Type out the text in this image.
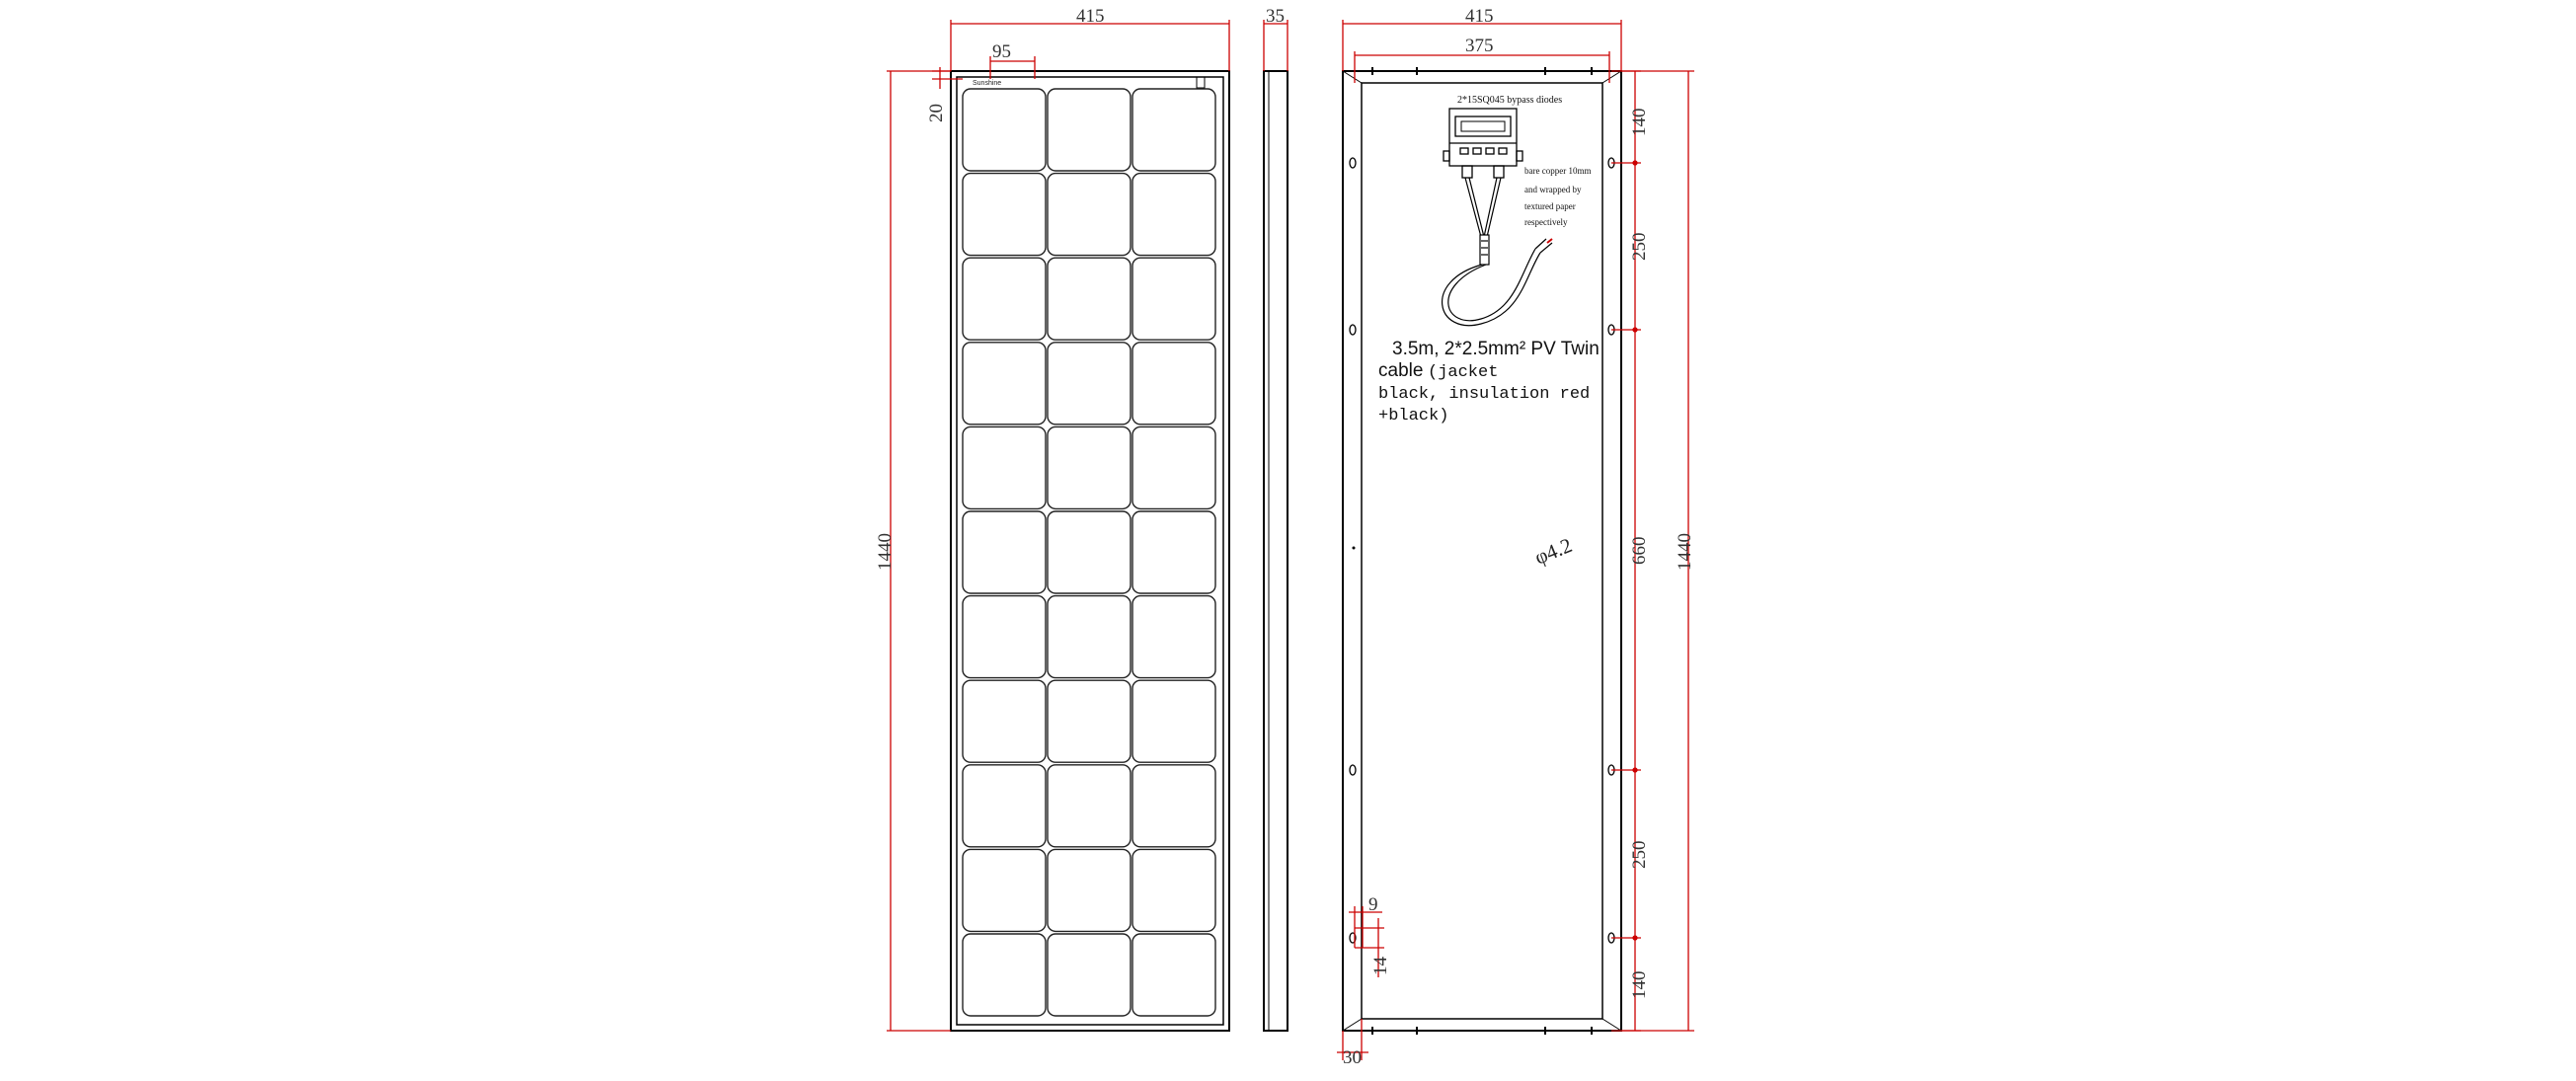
Sunshine
415
95
20
1440
35
2*15SQ045 bypass diodes
bare copper 10mm
and wrapped by
textured paper
respectively
3.5m, 2*2.5mm² PV Twin
cable (jacket
black, insulation red
+black)
φ4.2
415
375
140
250
660
250
140
1440
9
14
30
